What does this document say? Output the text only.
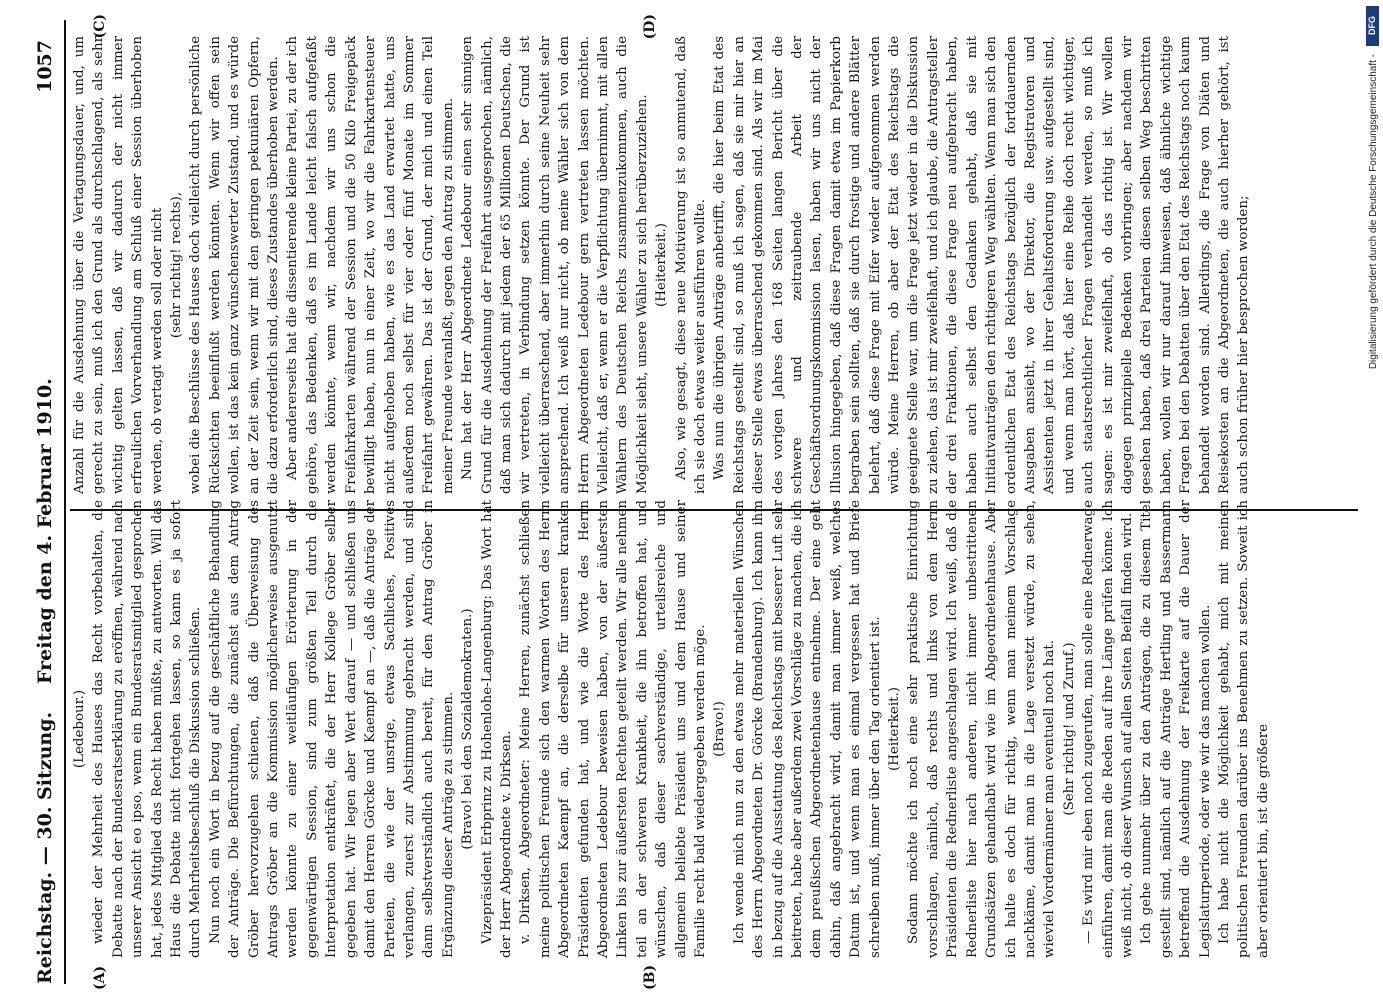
Reichstag. — 30. Sitzung.
Freitag den 4. Februar 1910.
1057
(A)	(B)
(C)	(D)

(Ledebour.) wieder der Mehrheit des Hauses das Recht vorbehalten, die Debatte nach der Bundesratserklärung zu eröffnen, während nach unserer Ansicht eo ipso, wenn ein Bundesratsmitglied gesprochen hat, jedes Mitglied das Recht haben müßte, zu antworten. Will das Haus die Debatte nicht fortgehen lassen, so kann es ja sofort durch Mehrheitsbeschluß die Diskussion schließen. Nun noch ein Wort in bezug auf die geschäftliche Behandlung der Anträge. Die Befürchtungen, die zunächst aus dem Antrag Gröber hervorzugehen schienen, daß die Überweisung des Antrags Gröber an die Kommission möglicherweise ausgenutzt werden könnte zu einer weitläufigen Erörterung in der gegenwärtigen Session, sind zum größten Teil durch die Interpretation entkräftet, die der Herr Kollege Gröber selber gegeben hat. Wir legen aber Wert darauf — und schließen uns damit den Herren Görcke und Kaempf an —, daß die Anträge der Parteien, die wie der unsrige, etwas Sachliches, Positives verlangen, zuerst zur Abstimmung gebracht werden, und sind dann selbstverständlich auch bereit, für den Antrag Gröber in Ergänzung dieser Anträge zu stimmen. (Bravo! bei den Sozialdemokraten.) Vizepräsident Erbprinz zu Hohenlohe-Langenburg: Das Wort hat der Herr Abgeordnete v. Dirksen. v. Dirksen, Abgeordneter: Meine Herren, zunächst schließen meine politischen Freunde sich den warmen Worten des Herrn Abgeordneten Kaempf an, die derselbe für unseren kranken Präsidenten gefunden hat, und wie die Worte des Herrn Abgeordneten Ledebour beweisen haben, von der äußersten Linken bis zur äußersten Rechten geteilt werden. Wir alle nehmen teil an der schweren Krankheit, die ihn betroffen hat, und wünschen, daß dieser sachverständige, urteilsreiche und allgemein beliebte Präsident uns und dem Hause und seiner Familie recht bald wiedergegeben werden möge. (Bravo!) Ich wende mich nun zu den etwas mehr materiellen Wünschen des Herrn Abgeordneten Dr. Görcke (Brandenburg). Ich kann ihm in bezug auf die Ausstattung des Reichstags mit besserer Luft sehr beitreten, habe aber außerdem zwei Vorschläge zu machen, die ich dem preußischen Abgeordnetenhause entnehme. Der eine geht dahin, daß angebracht wird, damit man immer weiß, welches Datum ist, und wenn man es einmal vergessen hat und Briefe schreiben muß, immer über den Tag orientiert ist. (Heiterkeit.) Sodann möchte ich noch eine sehr praktische Einrichtung vorschlagen, nämlich, daß rechts und links von dem Herrn Präsidenten die Rednerliste angeschlagen wird. Ich weiß, daß die Rednerliste hier nach anderen, nicht immer unbestrittenen Grundsätzen gehandhabt wird wie im Abgeordnetenhause. Aber ich halte es doch für richtig, wenn man meinem Vorschlage nachkäme, damit man in die Lage versetzt würde, zu sehen, wieviel Vordermänner man eventuell noch hat. (Sehr richtig! und Zuruf.) — Es wird mir eben noch zugerufen, man solle eine Rednerwage einführen, damit man die Reden auf ihre Länge prüfen könne. Ich weiß nicht, ob dieser Wunsch auf allen Seiten Beifall finden wird. Ich gehe nunmehr über zu den Anträgen, die zu diesem Titel gestellt sind, nämlich auf die Anträge Hertling und Bassermann betreffend die Ausdehnung der Freikarte auf die Dauer der Legislaturperiode, oder wie wir das machen wollen. Ich habe nicht die Möglichkeit gehabt, mich mit meinen politischen Freunden darüber ins Benehmen zu setzen. Soweit ich aber orientiert bin, ist die größere

Anzahl für die Ausdehnung über die Vertagungsdauer, und, um gerecht zu sein, muß ich den Grund als durchschlagend, als sehr wichtig gelten lassen, daß wir dadurch der nicht immer erfreulichen Vorverhandlung am Schluß einer Session überhoben werden, ob vertagt werden soll oder nicht (sehr richtig! rechts), wobei die Beschlüsse des Hauses doch vielleicht durch persönliche Rücksichten beeinflußt werden könnten. Wenn wir offen sein wollen, ist das kein ganz wünschenswerter Zustand, und es würde an der Zeit sein, wenn wir mit den geringen pekuniären Opfern, die dazu erforderlich sind, dieses Zustandes überhoben werden. Aber andererseits hat die dissentierende kleine Partei, zu der ich gehöre, das Bedenken, daß es im Lande leicht falsch aufgefaßt werden könnte, wenn wir, nachdem wir uns schon die Freifahrkarten während der Session und die 50 Kilo Freigepäck bewilligt haben, nun in einer Zeit, wo wir die Fahrkartensteuer nicht aufgehoben haben, wie es das Land erwartet hatte, uns außerdem noch selbst für vier oder fünf Monate im Sommer Freifahrt gewähren. Das ist der Grund, der mich und einen Teil meiner Freunde veranlaßt, gegen den Antrag zu stimmen. Nun hat der Herr Abgeordnete Ledebour einen sehr sinnigen Grund für die Ausdehnung der Freifahrt ausgesprochen, nämlich, daß man sich dadurch mit jedem der 65 Millionen Deutschen, die wir vertreten, in Verbindung setzen könnte. Der Grund ist vielleicht überraschend, aber immerhin durch seine Neuheit sehr ansprechend. Ich weiß nur nicht, ob meine Wähler sich von dem Herrn Abgeordneten Ledebour gern vertreten lassen möchten. Vielleicht, daß er, wenn er die Verpflichtung übernimmt, mit allen Wählern des Deutschen Reichs zusammenzukommen, auch die Möglichkeit sieht, unsere Wähler zu sich herüberzuziehen. (Heiterkeit.) Also, wie gesagt, diese neue Motivierung ist so anmutend, daß ich sie doch etwas weiter ausführen wollte. Was nun die übrigen Anträge anbetrifft, die hier beim Etat des Reichstags gestellt sind, so muß ich sagen, daß sie mir hier an dieser Stelle etwas überraschend gekommen sind. Als wir im Mai des vorigen Jahres den 168 Seiten langen Bericht über die schwere und zeitraubende Arbeit der Geschäftsordnungskommission lasen, haben wir uns nicht der Illusion hingegeben, daß diese Fragen damit etwa im Papierkorb begraben sein sollten, daß sie durch frostige und andere Blätter belehrt, daß diese Frage mit Eifer wieder aufgenommen werden würde. Meine Herren, ob aber der Etat des Reichstags die geeignete Stelle war, um die Frage jetzt wieder in die Diskussion zu ziehen, das ist mir zweifelhaft, und ich glaube, die Antragsteller der drei Fraktionen, die diese Frage neu aufgebracht haben, haben auch selbst den Gedanken gehabt, daß sie mit Initiativanträgen den richtigeren Weg wählten. Wenn man sich den ordentlichen Etat des Reichstags bezüglich der fortdauernden Ausgaben ansieht, wo der Direktor, die Registratoren und Assistenten jetzt in ihrer Gehaltsforderung usw. aufgestellt sind, und wenn man hört, daß hier eine Reihe doch recht wichtiger, auch staatsrechtlicher Fragen verhandelt werden, so muß ich sagen: es ist mir zweifelhaft, ob das richtig ist. Wir wollen dagegen prinzipielle Bedenken vorbringen; aber nachdem wir gesehen haben, daß drei Parteien diesen selben Weg beschritten haben, wollen wir nur darauf hinweisen, daß ähnliche wichtige Fragen bei den Debatten über den Etat des Reichstags noch kaum behandelt worden sind. Allerdings, die Frage von Diäten und Reisekosten an die Abgeordneten, die auch hierher gehört, ist auch schon früher hier besprochen worden;

DFG
Digitalisierung gefördert durch die Deutsche Forschungsgemeinschaft -
